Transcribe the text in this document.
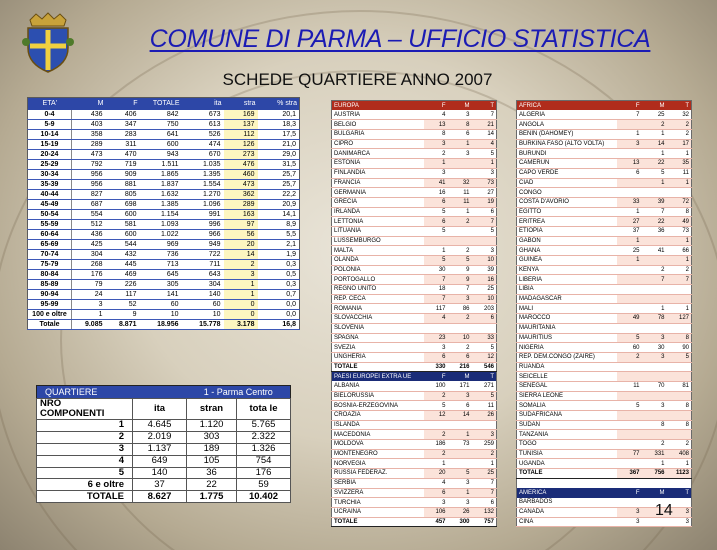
COMUNE DI PARMA – UFFICIO STATISTICA
SCHEDE QUARTIERE ANNO 2007
ETA'	M	F	TOTALE	ita	stra	% stra
0-4	436	406	842	673	169	20,1
5-9	403	347	750	613	137	18,3
10-14	358	283	641	526	112	17,5
15-19	289	311	600	474	126	21,0
20-24	473	470	943	670	273	29,0
25-29	792	719	1.511	1.035	476	31,5
30-34	956	909	1.865	1.395	460	25,7
35-39	956	881	1.837	1.554	473	25,7
40-44	827	805	1.632	1.270	362	22,2
45-49	687	698	1.385	1.096	289	20,9
50-54	554	600	1.154	991	163	14,1
55-59	512	581	1.093	996	97	8,9
60-64	436	600	1.022	966	56	5,5
65-69	425	544	969	949	20	2,1
70-74	304	432	736	722	14	1,9
75-79	268	445	713	711	2	0,3
80-84	176	469	645	643	3	0,5
85-89	79	226	305	304	1	0,3
90-94	24	117	141	140	1	0,7
95-99	3	52	60	60	0	0,0
100 e oltre	1	9	10	10	0	0,0
Totale	9.085	8.871	18.956	15.778	3.178	16,8
QUARTIERE		1 - Parma Centro	
NRO COMPONENTI	ita	stran	tota le
1	4.645	1.120	5.765
2	2.019	303	2.322
3	1.137	189	1.326
4	649	105	754
5	140	36	176
6 e oltre	37	22	59
TOTALE	8.627	1.775	10.402
EUROPA	F	M	T
AUSTRIA	4	3	7
BELGIO	13	8	21
BULGARIA	8	6	14
CIPRO	3	1	4
DANIMARCA	2	3	5
ESTONIA	1		1
FINLANDIA	3		3
FRANCIA	41	32	73
GERMANIA	16	11	27
GRECIA	6	11	19
IRLANDA	5	1	6
LETTONIA	6	2	7
LITUANIA	5		5
LUSSEMBURGO			
MALTA	1	2	3
OLANDA	5	5	10
POLONIA	30	9	39
PORTOGALLO	7	9	16
REGNO UNITO	18	7	25
REP. CECA	7	3	10
ROMANIA	117	86	203
SLOVACCHIA	4	2	6
SLOVENIA			
SPAGNA	23	10	33
SVEZIA	3	2	5
UNGHERIA	6	6	12
TOTALE	330	216	546
PAESI EUROPEI EXTRA UE	F	M	T
ALBANIA	100	171	271
BIELORUSSIA	2	3	5
BOSNIA-ERZEGOVINA	5	6	11
CROAZIA	12	14	26
ISLANDA			
MACEDONIA	2	1	3
MOLDOVA	186	73	259
MONTENEGRO	2		2
NORVEGIA	1		1
RUSSIA FEDERAZ.	20	5	25
SERBIA	4	3	7
SVIZZERA	6	1	7
TURCHIA	3	3	6
UCRAINA	106	26	132
TOTALE	457	300	757
AFRICA	F	M	T
ALGERIA	7	25	32
ANGOLA		2	2
BENIN (DAHOMEY)	1	1	2
BURKINA FASO (ALTO VOLTA)	3	14	17
BURUNDI		1	1
CAMERUN	13	22	35
CAPO VERDE	6	5	11
CIAD		1	1
CONGO			
COSTA D'AVORIO	33	39	72
EGITTO	1	7	8
ERITREA	27	22	49
ETIOPIA	37	36	73
GABON	1		1
GHANA	25	41	66
GUINEA	1		1
KENYA		2	2
LIBERIA		7	7
LIBIA			
MADAGASCAR			
MALI		1	1
MAROCCO	49	78	127
MAURITANIA			
MAURITIUS	5	3	8
NIGERIA	60	30	90
REP. DEM.CONGO (ZAIRE)	2	3	5
RUANDA			
SEICELLE			
SENEGAL	11	70	81
SIERRA LEONE			
SOMALIA	5	3	8
SUDAFRICANA			
SUDAN		8	8
TANZANIA			
TOGO		2	2
TUNISIA	77	331	408
UGANDA		1	1
TOTALE	367	756	1123

AMERICA	F	M	T
BARBADOS			
CANADA	3		3
CINA	3		3
14
